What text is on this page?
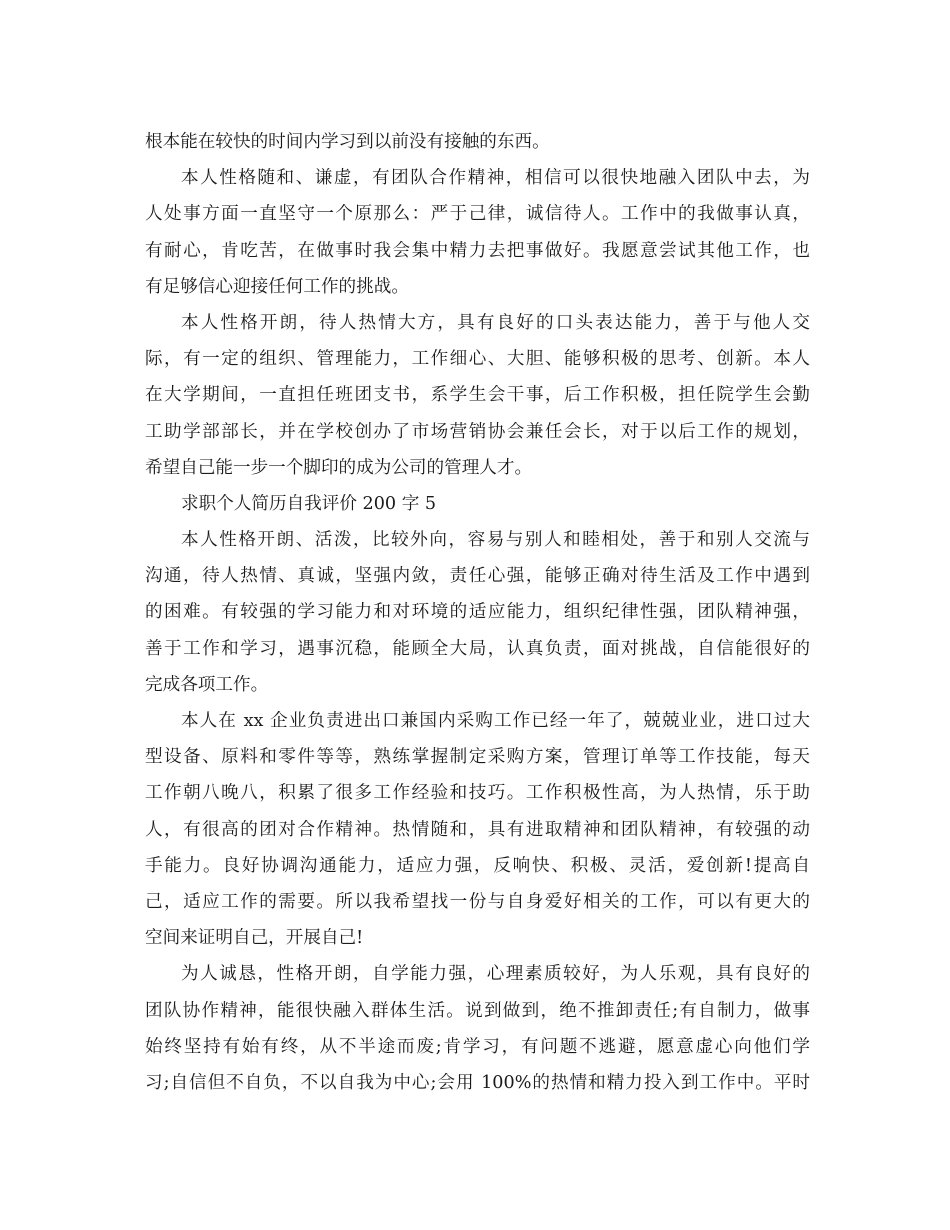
根本能在较快的时间内学习到以前没有接触的东西。
本人性格随和、谦虚，有团队合作精神，相信可以很快地融入团队中去，为
人处事方面一直坚守一个原那么：严于己律，诚信待人。工作中的我做事认真，
有耐心，肯吃苦，在做事时我会集中精力去把事做好。我愿意尝试其他工作，也
有足够信心迎接任何工作的挑战。
本人性格开朗，待人热情大方，具有良好的口头表达能力，善于与他人交
际，有一定的组织、管理能力，工作细心、大胆、能够积极的思考、创新。本人
在大学期间，一直担任班团支书，系学生会干事，后工作积极，担任院学生会勤
工助学部部长，并在学校创办了市场营销协会兼任会长，对于以后工作的规划，
希望自己能一步一个脚印的成为公司的管理人才。
求职个人简历自我评价 200 字 5
本人性格开朗、活泼，比较外向，容易与别人和睦相处，善于和别人交流与
沟通，待人热情、真诚，坚强内敛，责任心强，能够正确对待生活及工作中遇到
的困难。有较强的学习能力和对环境的适应能力，组织纪律性强，团队精神强，
善于工作和学习，遇事沉稳，能顾全大局，认真负责，面对挑战，自信能很好的
完成各项工作。
本人在 xx 企业负责进出口兼国内采购工作已经一年了，兢兢业业，进口过大
型设备、原料和零件等等，熟练掌握制定采购方案，管理订单等工作技能，每天
工作朝八晚八，积累了很多工作经验和技巧。工作积极性高，为人热情，乐于助
人，有很高的团对合作精神。热情随和，具有进取精神和团队精神，有较强的动
手能力。良好协调沟通能力，适应力强，反响快、积极、灵活，爱创新!提高自
己，适应工作的需要。所以我希望找一份与自身爱好相关的工作，可以有更大的
空间来证明自己，开展自己!
为人诚恳，性格开朗，自学能力强，心理素质较好，为人乐观，具有良好的
团队协作精神，能很快融入群体生活。说到做到，绝不推卸责任;有自制力，做事
始终坚持有始有终，从不半途而废;肯学习，有问题不逃避，愿意虚心向他们学
习;自信但不自负，不以自我为中心;会用 100%的热情和精力投入到工作中。平时
